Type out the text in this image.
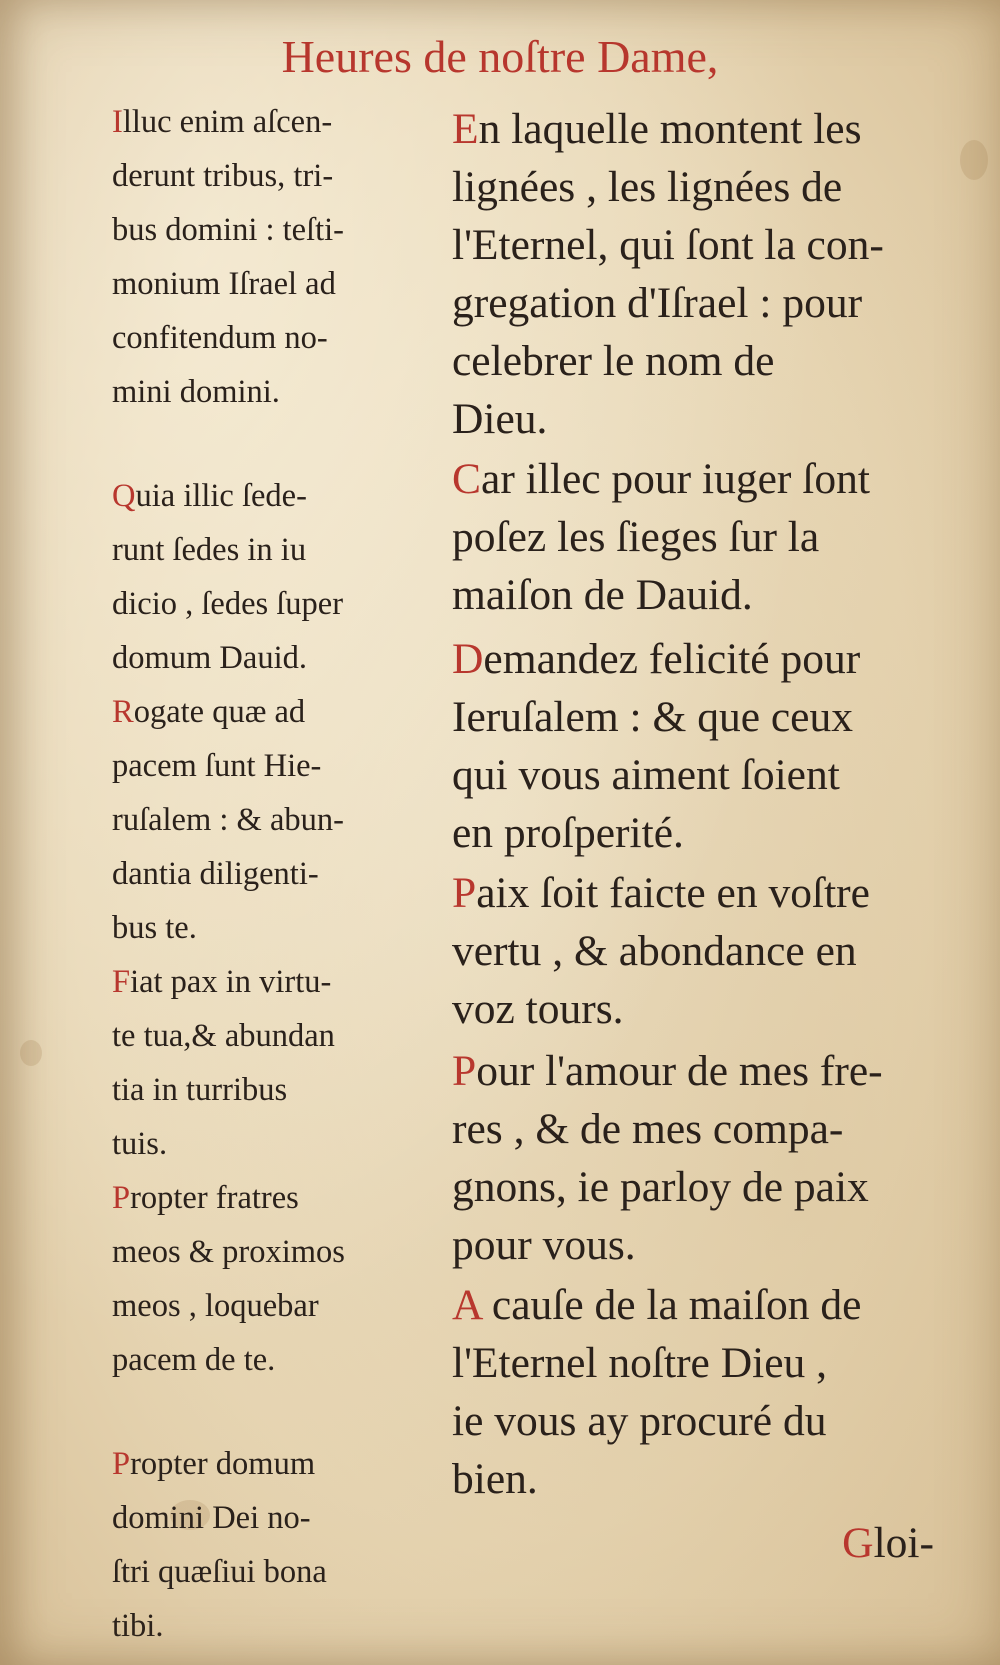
Heures de noſtre Dame,
Illuc enim aſcen-
derunt tribus, tri-
bus domini : teſti-
monium Iſrael ad
confitendum no-
mini domini.
Quia illic ſede-
runt ſedes in iu
dicio , ſedes ſuper
domum Dauid.
Rogate quæ ad
pacem ſunt Hie-
ruſalem : & abun-
dantia diligenti-
bus te.
Fiat pax in virtu-
te tua,& abundan
tia in turribus
tuis.
Propter fratres
meos & proximos
meos , loquebar
pacem de te.
Propter domum
domini Dei no-
ſtri quæſiui bona
tibi.
En laquelle montent les
lignées , les lignées de
l'Eternel, qui ſont la con-
gregation d'Iſrael : pour
celebrer le nom de
Dieu.
Car illec pour iuger ſont
poſez les ſieges ſur la
maiſon de Dauid.
Demandez felicité pour
Ieruſalem : & que ceux
qui vous aiment ſoient
en proſperité.
Paix ſoit faicte en voſtre
vertu , & abondance en
voz tours.
Pour l'amour de mes fre-
res , & de mes compa-
gnons, ie parloy de paix
pour vous.
A cauſe de la maiſon de
l'Eternel noſtre Dieu ,
ie vous ay procuré du
bien.
Gloi-
